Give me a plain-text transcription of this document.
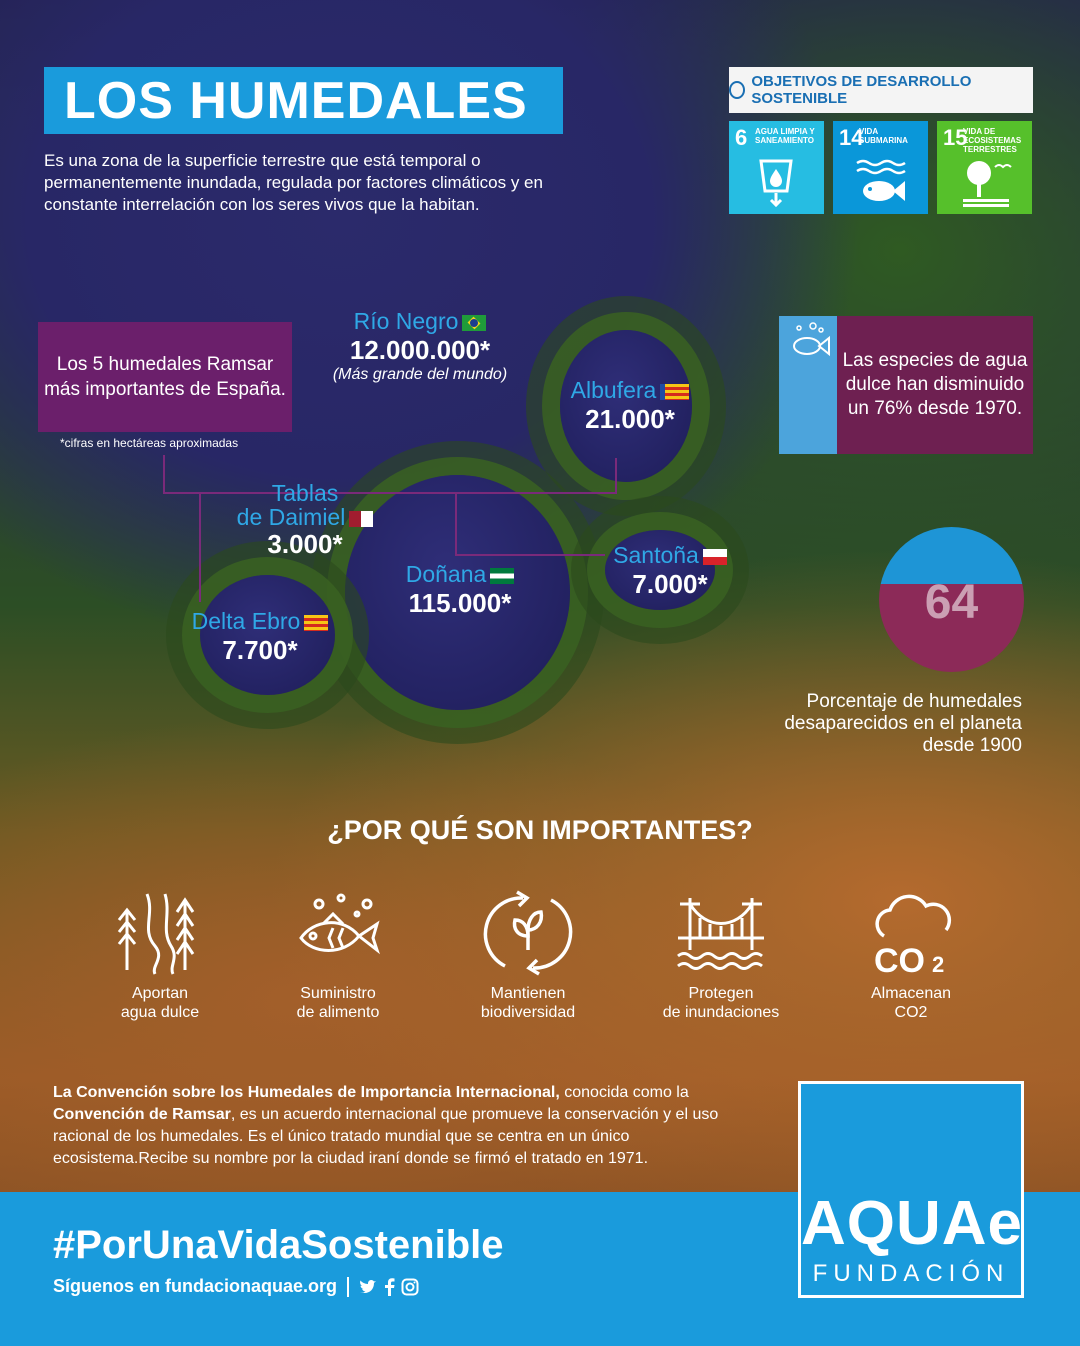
LOS HUMEDALES
Es una zona de la superficie terrestre que está temporal o permanentemente inundada, regulada por factores climáticos y en constante interrelación con los seres vivos que la habitan.
OBJETIVOS DE DESARROLLO SOSTENIBLE
6 AGUA LIMPIA Y SANEAMIENTO	14
VIDA SUBMARINA	15
VIDA DE ECOSISTEMAS TERRESTRES
Los 5 humedales Ramsar más importantes de España.
*cifras en hectáreas aproximadas
Río Negro
12.000.000*
(Más grande del mundo)
Albufera
21.000*
Tablas
de Daimiel
3.000*
Doñana
115.000*
Santoña
7.000*
Delta Ebro
7.700*
Las especies de agua dulce han disminuido un 76% desde 1970.
64
Porcentaje de humedales desaparecidos en el planeta desde 1900
¿POR QUÉ SON IMPORTANTES?
Aportan
agua dulce
Suministro
de alimento
Mantienen
biodiversidad
Protegen
de inundaciones
CO 2
Almacenan
CO2
La Convención sobre los Humedales de Importancia Internacional, conocida como la Convención de Ramsar, es un acuerdo internacional que promueve la conservación y el uso racional de los humedales. Es el único tratado mundial que se centra en un único ecosistema.Recibe su nombre por la ciudad iraní donde se firmó el tratado en 1971.
#PorUnaVidaSostenible
Síguenos en fundacionaquae.org
AQUAe
FUNDACIÓN
